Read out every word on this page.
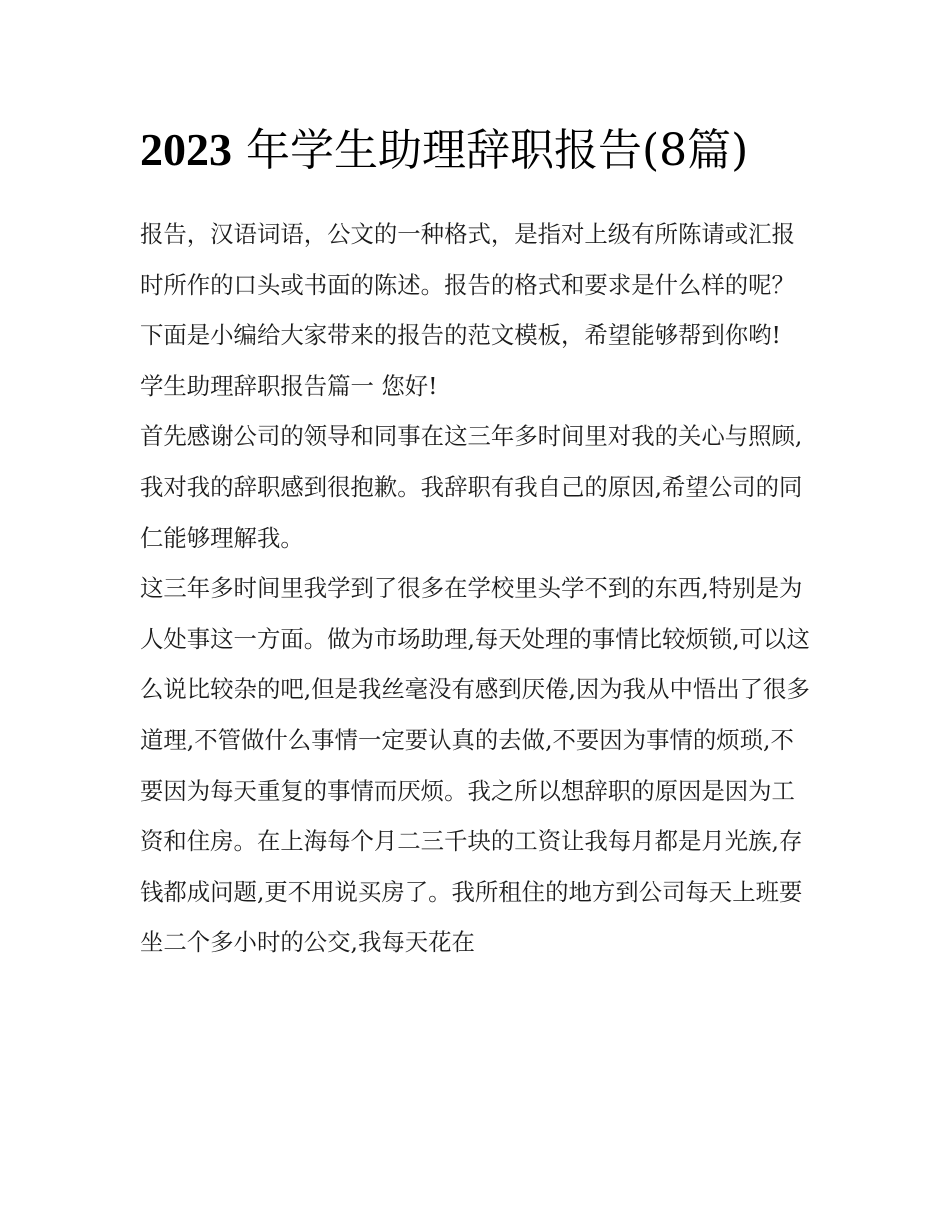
2023 年学生助理辞职报告(8篇)

报告，汉语词语，公文的一种格式，是指对上级有所陈请或汇报时所作的口头或书面的陈述。报告的格式和要求是什么样的呢？下面是小编给大家带来的报告的范文模板，希望能够帮到你哟!

学生助理辞职报告篇一 您好!

首先感谢公司的领导和同事在这三年多时间里对我的关心与照顾,我对我的辞职感到很抱歉。我辞职有我自己的原因,希望公司的同仁能够理解我。

这三年多时间里我学到了很多在学校里头学不到的东西,特别是为人处事这一方面。做为市场助理,每天处理的事情比较烦锁,可以这么说比较杂的吧,但是我丝毫没有感到厌倦,因为我从中悟出了很多道理,不管做什么事情一定要认真的去做,不要因为事情的烦琐,不要因为每天重复的事情而厌烦。我之所以想辞职的原因是因为工资和住房。在上海每个月二三千块的工资让我每月都是月光族,存钱都成问题,更不用说买房了。我所租住的地方到公司每天上班要坐二个多小时的公交,我每天花在
